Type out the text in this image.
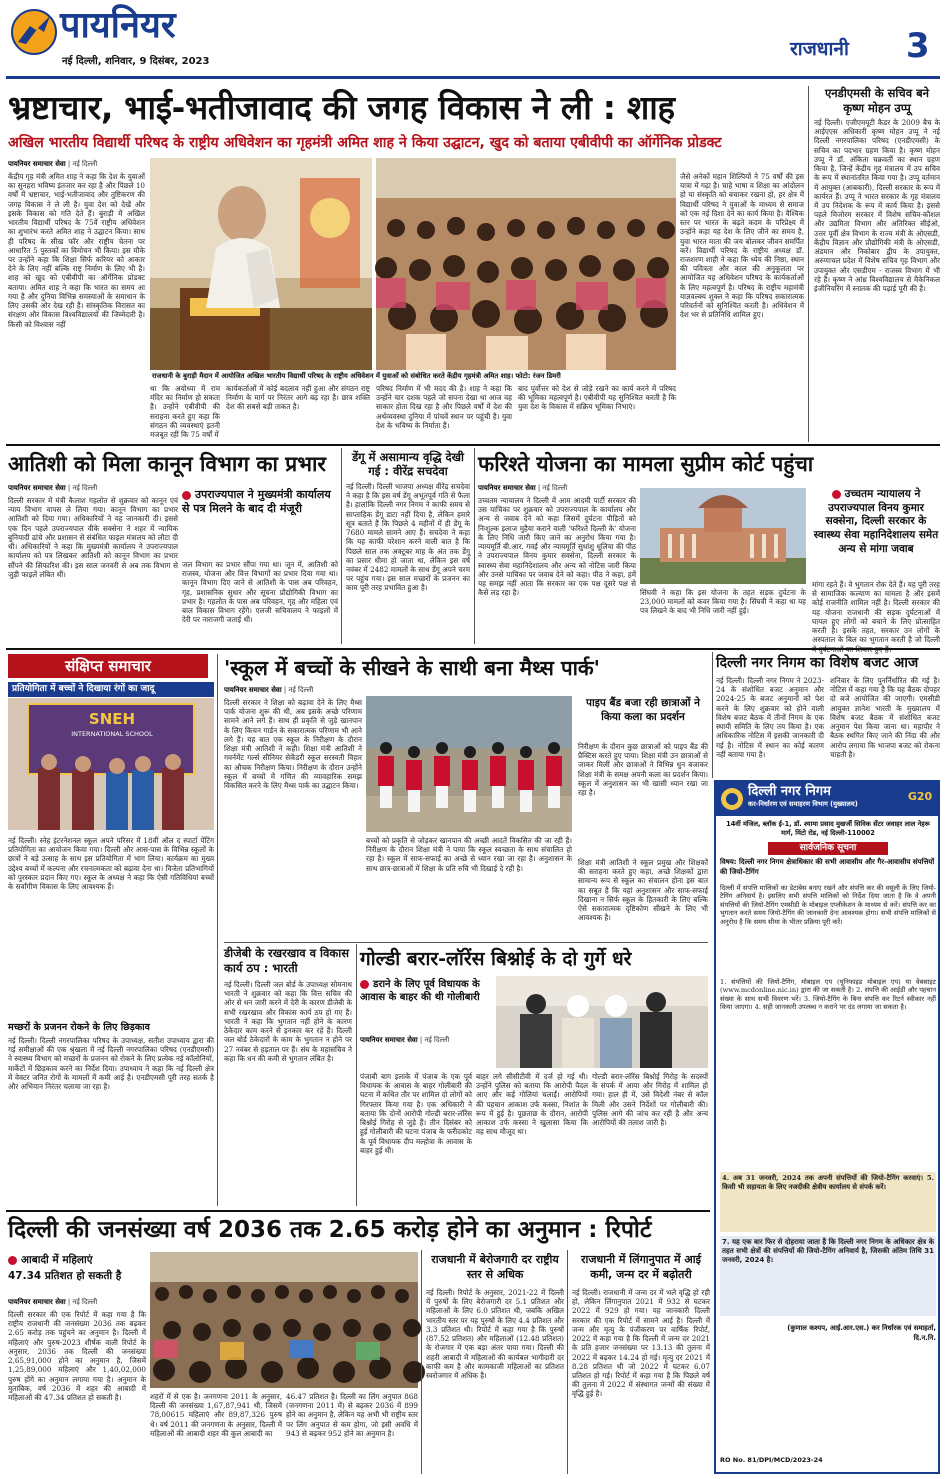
पायनियर
नई दिल्ली, शनिवार, 9 दिसंबर, 2023
राजधानी 3
भ्रष्टाचार, भाई-भतीजावाद की जगह विकास ने ली : शाह
अखिल भारतीय विद्यार्थी परिषद के राष्ट्रीय अधिवेशन का गृहमंत्री अमित शाह ने किया उद्घाटन, खुद को बताया एबीवीपी का ऑर्गेनिक प्रोडक्ट
पायनियर समाचार सेवा | नई दिल्ली
केंद्रीय गृह मंत्री अमित शाह ने कहा कि देश के युवाओं का सुनहरा भविष्य इंतजार कर रहा है और पिछले 10 वर्षों में भ्रष्टाचार, भाई-भतीजावाद और तुष्टिकरण की जगह विकास ने ले ली है। युवा देश को देखें और इसके विकास को गति देते हैं। बुराड़ी में अखिल भारतीय विद्यार्थी परिषद के 75वें राष्ट्रीय अधिवेशन का शुभारंभ करते अमित शाह ने उद्घाटन किया। साथ ही परिषद के सीख फॉर और राष्ट्रीय चेतना पर आधारित 5 पुस्तकों का विमोचन भी किया। इस मौके पर उन्होंने कहा कि शिक्षा सिर्फ करियर को आकार देने के लिए नहीं बल्कि राष्ट्र निर्माण के लिए भी है। शाह को खुद को एबीवीपी का ऑर्गेनिक प्रोडक्ट बताया। अमित शाह ने कहा कि भारत का समय आ गया है और दुनिया विभिन्न समस्याओं के समाधान के लिए उसकी ओर देख रही है। सांस्कृतिक विरासत का संरक्षण और विकास विश्वविद्यालयों की जिम्मेदारी है। किसी को विश्वास नहीं
राजधानी के बुराड़ी मैदान में आयोजित अखिल भारतीय विद्यार्थी परिषद के राष्ट्रीय अधिवेशन में युवाओं को संबोधित करते केंद्रीय गृहमंत्री अमित शाह। फोटो: रंजन डिमरी
था कि अयोध्या में राम मंदिर का निर्माण हो सकता है। उन्होंने एबीवीपी की सराहना करते हुए कहा कि संगठन की व्यवस्थाएं इतनी मजबूत रहीं कि 75 वर्षों में
कार्यकर्ताओं में कोई बदलाव नहीं हुआ और संगठन राष्ट्र निर्माण के मार्ग पर निरंतर आगे बढ़ रहा है। छात्र शक्ति देश की सबसे बड़ी ताकत है।
परिषद निर्माण में भी मदद की है। शाह ने कहा कि उन्होंने चार दशक पहले जो सपना देखा था आज वह साकार होता दिख रहा है और पिछले वर्षों में देश की अर्थव्यवस्था दुनिया में पांचवें स्थान पर पहुंची है। युवा देश के भविष्य के निर्माता हैं।
जैसे अनेकों महान शिल्पियों ने 75 वर्षों की इस यात्रा में गढ़ा है। चाहे भाषा व शिक्षा का आंदोलन हो या संस्कृति को बचाकर रखना हो, हर क्षेत्र में विद्यार्थी परिषद ने युवाओं के माध्यम से समाज को एक नई दिशा देने का कार्य किया है। वैश्विक स्तर पर भारत के बढ़ते कदम के परिप्रेक्ष्य में उन्होंने कहा यह देश के लिए जीने का समय है, युवा भारत माता की जय बोलकर जीवन समर्पित करें। विद्यार्थी परिषद के राष्ट्रीय अध्यक्ष डॉ. राजशरण शाही ने कहा कि ध्येय की निष्ठा, स्थान की पवित्रता और काल की अनुकूलता पर आयोजित यह अधिवेशन परिषद के कार्यकर्ताओं के लिए महत्वपूर्ण है। परिषद के राष्ट्रीय महामंत्री याज्ञवल्क्य शुक्ल ने कहा कि परिषद सकारात्मक परिवर्तनों को सुनिश्चित करती है। अधिवेशन में देश भर से प्रतिनिधि शामिल हुए।
बाद पूर्वोत्तर को देश से जोड़े रखने का कार्य करने में परिषद की भूमिका महत्वपूर्ण है। एबीवीपी यह सुनिश्चित करती है कि युवा देश के विकास में सक्रिय भूमिका निभाएं।
एनडीएमसी के सचिव बने कृष्ण मोहन उप्पू
नई दिल्ली। एजीएमयूटी कैडर के 2009 बैच के आईएएस अधिकारी कृष्ण मोहन उप्पू ने नई दिल्ली नगरपालिका परिषद (एनडीएमसी) के सचिव का पदभार ग्रहण किया है। कृष्ण मोहन उप्पू ने डॉ. अंकिता चक्रवर्ती का स्थान ग्रहण किया है, जिन्हें केंद्रीय गृह मंत्रालय में उप सचिव के रूप में स्थानांतरित किया गया है। उप्पू वर्तमान में आयुक्त (आबकारी), दिल्ली सरकार के रूप में कार्यरत हैं। उप्पू ने भारत सरकार के गृह मंत्रालय में उप निदेशक के रूप में कार्य किया है। इससे पहले मिजोरम सरकार में विशेष सचिव-कौशल और उद्यमिता विभाग और अतिरिक्त सीईओ, उत्तर पूर्वी क्षेत्र विभाग के राज्य मंत्री के ओएसडी, केंद्रीय विज्ञान और प्रौद्योगिकी मंत्री के ओएसडी, अंडमान और निकोबार द्वीप के उपायुक्त, अरुणाचल प्रदेश में विशेष सचिव गृह विभाग और उपायुक्त और एसडीएम - राजस्व विभाग में भी रहे हैं। कृष्ण ने आंध्र विश्वविद्यालय से मैकेनिकल इंजीनियरिंग में स्नातक की पढ़ाई पूरी की है।
आतिशी को मिला कानून विभाग का प्रभार
पायनियर समाचार सेवा | नई दिल्ली
दिल्ली सरकार में मंत्री कैलाश गहलोत से शुक्रवार को कानून एवं न्याय विभाग वापस ले लिया गया। कानून विभाग का प्रभार आतिशी को दिया गया। अधिकारियों ने यह जानकारी दी। इससे एक दिन पहले उपराज्यपाल वीके सक्सेना ने शहर में न्यायिक बुनियादी ढांचे और प्रशासन से संबंधित फाइल मंत्रालय को लौटा दी थी। अधिकारियों ने कहा कि मुख्यमंत्री कार्यालय ने उपराज्यपाल कार्यालय को पत्र लिखकर आतिशी को कानून विभाग का प्रभार सौंपने की सिफारिश की। इस साल जनवरी से अब तक विभाग से जुड़ी फाइलें लंबित थीं।
उपराज्यपाल ने मुख्यमंत्री कार्यालय से पत्र मिलने के बाद दी मंजूरी
जल विभाग का प्रभार सौंपा गया था। जून में, आतिशी को राजस्व, योजना और वित्त विभागों का प्रभार दिया गया था। कानून विभाग दिए जाने से आतिशी के पास अब परिवहन, गृह, प्रशासनिक सुधार और सूचना प्रौद्योगिकी विभाग का प्रभार है। गहलोत के पास अब परिवहन, गृह और महिला एवं बाल विकास विभाग रहेंगे। एलजी सचिवालय ने फाइलों में देरी पर नाराजगी जताई थी।
डेंगू में असामान्य वृद्धि देखी गई : वीरेंद्र सचदेवा
नई दिल्ली। दिल्ली भाजपा अध्यक्ष वीरेंद्र सचदेवा ने कहा है कि इस वर्ष डेंगू अभूतपूर्व गति से फैला है। हालांकि दिल्ली नगर निगम ने काफी समय से साप्ताहिक डेंगू डाटा नहीं दिया है, लेकिन हमारे सूत्र बताते हैं कि पिछले 4 महीनों में ही डेंगू के 7680 मामले सामने आए हैं। सचदेवा ने कहा कि यह काफी परेशान करने वाली बात है कि पिछले साल तक अक्टूबर माह के अंत तक डेंगू का प्रसार धीमा हो जाता था, लेकिन इस वर्ष नवंबर में 2482 मामलों के साथ डेंगू अपने चरम पर पहुंच गया। इस साल मच्छरों के प्रजनन का काम पूरी तरह प्रभावित हुआ है।
फरिश्ते योजना का मामला सुप्रीम कोर्ट पहुंचा
पायनियर समाचार सेवा | नई दिल्ली
उच्चतम न्यायालय ने दिल्ली में आम आदमी पार्टी सरकार की उस याचिका पर शुक्रवार को उपराज्यपाल के कार्यालय और अन्य से जवाब देने को कहा जिसमें दुर्घटना पीड़ितों को निःशुल्क इलाज मुहैया कराने वाली 'फरिश्ते दिल्ली के' योजना के लिए निधि जारी किए जाने का अनुरोध किया गया है। न्यायमूर्ति बी.आर. गवई और न्यायमूर्ति सुधांशु धूलिया की पीठ ने उपराज्यपाल विनय कुमार सक्सेना, दिल्ली सरकार के स्वास्थ्य सेवा महानिदेशालय और अन्य को नोटिस जारी किया और उनसे याचिका पर जवाब देने को कहा। पीठ ने कहा, हमें यह समझ नहीं आता कि सरकार का एक पक्ष दूसरे पक्ष से कैसे लड़ रहा है।	सिंघवी ने कहा कि इस योजना के तहत सड़क दुर्घटना के 23,000 मामलों को कवर किया गया है। सिंघवी ने कहा था यह पत्र लिखने के बाद भी निधि जारी नहीं हुई।
उच्चतम न्यायालय ने उपराज्यपाल विनय कुमार सक्सेना, दिल्ली सरकार के स्वास्थ्य सेवा महानिदेशालय समेत अन्य से मांगा जवाब
मांगा रहते हैं। वे भुगतान रोक देते हैं। यह पूरी तरह से सामाजिक कल्याण का मामला है और इसमें कोई राजनीति शामिल नहीं है। दिल्ली सरकार की यह योजना राजधानी की सड़क दुर्घटनाओं में घायल हुए लोगों को बचाने के लिए प्रोत्साहित करती है। इसके तहत, सरकार उन लोगों के अस्पताल के बिल का भुगतान करती है जो दिल्ली
संक्षिप्त समाचार
प्रतियोगिता में बच्चों ने दिखाया रंगों का जादू
SNEH
INTERNATIONAL SCHOOL
नई दिल्ली। स्नेह इंटरनेशनल स्कूल अपने परिसर में 18वीं ऑल द स्पार्टा पेंटिंग प्रतियोगिता का आयोजन किया गया। दिल्ली और आस-पास के विभिन्न स्कूलों के छात्रों ने बड़े उत्साह के साथ इस प्रतियोगिता में भाग लिया। कार्यक्रम का मुख्य उद्देश्य बच्चों में कल्पना और रचनात्मकता को बढ़ावा देना था। विजेता प्रतिभागियों को पुरस्कार प्रदान किए गए। स्कूल के अध्यक्ष ने कहा कि ऐसी गतिविधियां बच्चों के सर्वांगीण विकास के लिए आवश्यक हैं।
मच्छरों के प्रजनन रोकने के लिए छिड़काव
नई दिल्ली। दिल्ली नगरपालिका परिषद के उपाध्यक्ष, सतीश उपाध्याय द्वारा की गई समीक्षाओं की एक श्रृंखला में नई दिल्ली नगरपालिका परिषद (एनडीएमसी) ने स्वास्थ्य विभाग को मच्छरों के प्रजनन को रोकने के लिए प्रत्येक नई कॉलोनियों, मार्केटों में छिड़काव करने का निर्देश दिया। उपाध्याय ने कहा कि नई दिल्ली क्षेत्र में वेक्टर जनित रोगों के मामलों में कमी आई है। एनडीएमसी पूरी तरह सतर्क है और अभियान निरंतर चलाया जा रहा है।
'स्कूल में बच्चों के सीखने के साथी बना मैथ्स पार्क'
पायनियर समाचार सेवा | नई दिल्ली
दिल्ली सरकार ने शिक्षा को बढ़ावा देने के लिए मैथ्स पार्क योजना शुरू की थी, अब इसके अच्छे परिणाम सामने आने लगे हैं। साथ ही प्रकृति से जुड़े खानपान के लिए किचन गार्डन के सकारात्मक परिणाम भी आने लगे हैं। यह बात एक स्कूल के निरीक्षण के दौरान शिक्षा मंत्री आतिशी ने कही। शिक्षा मंत्री आतिशी ने गवर्नमेंट गर्ल्स सीनियर सेकेंडरी स्कूल सरस्वती विहार का औचक निरीक्षण किया। निरीक्षण के दौरान उन्होंने स्कूल में बच्चों में गणित की व्यावहारिक समझ विकसित करने के लिए मैथ्स पार्क का उद्घाटन किया।
बच्चों को प्रकृति से जोड़कर खानपान की अच्छी आदतें विकसित की जा रही हैं। निरीक्षण के दौरान शिक्षा मंत्री ने पाया कि स्कूल स्वच्छता के साथ संचालित हो रहा है। स्कूल में साफ-सफाई का अच्छे से ध्यान रखा जा रहा है। अनुशासन के साथ छात्र-छात्राओं में शिक्षा के प्रति रुचि भी दिखाई दे रही है।
पाइप बैंड बजा रही छात्राओं ने किया कला का प्रदर्शन
निरीक्षण के दौरान कुछ छात्राओं को पाइप बैंड की प्रैक्टिस करते हुए पाया। शिक्षा मंत्री उन छात्राओं से जाकर मिलीं और छात्राओं ने विभिन्न धुन बजाकर शिक्षा मंत्री के समक्ष अपनी कला का प्रदर्शन किया। स्कूल में अनुशासन का भी खासी ध्यान रखा जा रहा है।
शिक्षा मंत्री आतिशी ने स्कूल प्रमुख और शिक्षकों की सराहना करते हुए कहा, अच्छे शिक्षकों द्वारा सामान्य रूप से स्कूल का संचालन होना इस बात का सबूत है कि यहां अनुशासन और साफ-सफाई दिखाना न सिर्फ स्कूल के हितकारी के लिए बल्कि ऐसे सकारात्मक दृष्टिकोण सीखने के लिए भी आवश्यक है।
दिल्ली नगर निगम का विशेष बजट आज
नई दिल्ली। दिल्ली नगर निगम ने 2023-24 के संशोधित बजट अनुमान और 2024-25 के बजट अनुमानों को पेश करने के लिए शुक्रवार को होने वाली विशेष बजट बैठक में तीनों निगम के एक स्थायी समिति के लिए तय किया है। एक अधिकारिक नोटिस में इसकी जानकारी दी गई है। नोटिस में स्थान का कोई कारण नहीं बताया गया है।
शनिवार के लिए पुनर्निर्धारित की गई है। नोटिस में कहा गया है कि यह बैठक दोपहर दो बजे आयोजित की जाएगी। एमसीडी आयुक्त ज्ञानेश भारती के मुख्यालय में विशेष बजट बैठक में संशोधित बजट अनुमान पेश किया जाना था। महापौर ने बैठक स्थगित किए जाने की निंदा की और आरोप लगाया कि भाजपा बजट को रोकना चाहती है।
दिल्ली नगर निगम
कर-निर्धारण एवं समाहरण विभाग (मुख्यालय)
G20
14वीं मंजिल, ब्लॉक ई-1, डॉ. श्यामा प्रसाद मुखर्जी सिविक सेंटर जवाहर लाल नेहरू मार्ग, मिंटो रोड, नई दिल्ली-110002
सार्वजनिक सूचना
विषय: दिल्ली नगर निगम क्षेत्राधिकार की सभी आवासीय और गैर-आवासीय संपत्तियों की जियो-टैगिंग
दिल्ली में संपत्ति मालिकों का डेटाबेस बनाए रखने और संपत्ति कर की वसूली के लिए जियो-टैगिंग अनिवार्य है। इसलिए सभी संपत्ति मालिकों को निर्देश दिया जाता है कि वे अपनी संपत्तियों की जियो-टैगिंग एमसीडी के मोबाइल एप्लीकेशन के माध्यम से करें। संपत्ति कर का भुगतान करते समय जियो-टैगिंग की जानकारी देना आवश्यक होगा। सभी संपत्ति मालिकों से अनुरोध है कि समय सीमा के भीतर प्रक्रिया पूरी करें।
1. संपत्तियों की जियो-टैगिंग, मोबाइल एप (यूनिफाइड मोबाइल एप) या वेबसाइट (www.mcdonline.nic.in) द्वारा की जा सकती है। 2. संपत्ति की आईडी और पहचान संख्या के साथ सभी विवरण भरें। 3. जियो-टैगिंग के बिना संपत्ति कर रिटर्न स्वीकार नहीं किया जाएगा। 4. सही जानकारी उपलब्ध न कराने पर दंड लगाया जा सकता है।
4. अब 31 जनवरी, 2024 तक अपनी संपत्तियों की जियो-टैगिंग करवाएं। 5. किसी भी सहायता के लिए नजदीकी क्षेत्रीय कार्यालय से संपर्क करें।
7. यह एक बार फिर से दोहराया जाता है कि दिल्ली नगर निगम के अधिकार क्षेत्र के तहत सभी क्षेत्रों की संपत्तियों की जियो-टैगिंग अनिवार्य है, जिसकी अंतिम तिथि 31 जनवरी, 2024 है।
(कुणाल कश्यप, आई.आर.एस.) कर निर्धारक एवं समाहर्ता, दि.न.नि.
RO No. 81/DPI/MCD/2023-24
डीजेबी के रखरखाव व विकास कार्य ठप : भारती
नई दिल्ली। दिल्ली जल बोर्ड के उपाध्यक्ष सोमनाथ भारती ने शुक्रवार को कहा कि वित्त सचिव की ओर से धन जारी करने में देरी के कारण डीजेबी के सभी रखरखाव और विकास कार्य ठप हो गए हैं। भारती ने कहा कि भुगतान नहीं होने के कारण ठेकेदार काम करने से इनकार कर रहे हैं। दिल्ली जल बोर्ड ठेकेदारों के काम के भुगतान न होने पर 27 नवंबर से हड़ताल पर हैं। संघ के महासचिव ने कहा कि धन की कमी से भुगतान लंबित है।
गोल्डी बरार-लॉरेंस बिश्नोई के दो गुर्गे धरे
डराने के लिए पूर्व विधायक के आवास के बाहर की थी गोलीबारी
पायनियर समाचार सेवा | नई दिल्ली
पंजाबी बाग इलाके में पंजाब के एक पूर्व विधायक के आवास के बाहर गोलीबारी की घटना में कथित तौर पर शामिल दो लोगों को गिरफ्तार किया गया है। एक अधिकारी ने बताया कि दोनों आरोपी गोल्डी बरार-लॉरेंस बिश्नोई गिरोह से जुड़े हैं। तीन दिसंबर को हुई गोलीबारी की घटना पंजाब के फरीदकोट के पूर्व विधायक दीप मल्होत्रा के आवास के बाहर हुई थी।
बाहर लगे सीसीटीवी में दर्ज हो गई थी। उन्होंने पुलिस को बताया कि आरोपी पैदल आए और कई गोलियां चलाईं। आरोपियों की पहचान आकाश उर्फ कस्सा, निशांत के रूप में हुई है। पूछताछ के दौरान, आरोपी आकाश उर्फ कस्सा ने खुलासा किया कि वह साथ मौजूद था।
गोल्डी बरार-लॉरेंस बिश्नोई गिरोह के सदस्यों के संपर्क में आया और गिरोह में शामिल हो गया। हाल ही में, उसे विदेशी नंबर से कॉल मिली और उसने निर्देशों पर गोलीबारी की। पुलिस आगे की जांच कर रही है और अन्य आरोपियों की तलाश जारी है।
दिल्ली की जनसंख्या वर्ष 2036 तक 2.65 करोड़ होने का अनुमान : रिपोर्ट
आबादी में महिलाएं
47.34 प्रतिशत हो सकती है
पायनियर समाचार सेवा | नई दिल्ली
दिल्ली सरकार की एक रिपोर्ट में कहा गया है कि राष्ट्रीय राजधानी की जनसंख्या 2036 तक बढ़कर 2.65 करोड़ तक पहुंचने का अनुमान है। दिल्ली में महिलाएं और पुरुष-2023 शीर्षक वाली रिपोर्ट के अनुसार, 2036 तक दिल्ली की जनसंख्या 2,65,91,000 होने का अनुमान है, जिसमें 1,25,89,000 महिलाएं और 1,40,02,000 पुरुष होंगे का अनुमान लगाया गया है। अनुमान के मुताबिक, वर्ष 2036 में शहर की आबादी में महिलाओं की 47.34 प्रतिशत हो सकती है।	शहरों में से एक है। जनगणना 2011 के अनुसार, दिल्ली की जनसंख्या 1,67,87,941 थी, जिसमें 78,00615 महिलाएं और 89,87,326 पुरुष थे। वर्ष 2011 की जनगणना के अनुसार, दिल्ली में महिलाओं की आबादी शहर की कुल आबादी का
46.47 प्रतिशत है। दिल्ली का लिंग अनुपात 868 (जनगणना 2011 में) से बढ़कर 2036 में 899 होने का अनुमान है, लेकिन यह अभी भी राष्ट्रीय स्तर पर लिंग अनुपात से कम होगा, जो इसी अवधि में 943 से बढ़कर 952 होने का अनुमान है।
राजधानी में बेरोजगारी दर राष्ट्रीय स्तर से अधिक
नई दिल्ली। रिपोर्ट के अनुसार, 2021-22 में दिल्ली में पुरुषों के लिए बेरोजगारी दर 5.1 प्रतिशत और महिलाओं के लिए 6.0 प्रतिशत थी, जबकि अखिल भारतीय स्तर पर यह पुरुषों के लिए 4.4 प्रतिशत और 3.3 प्रतिशत थी। रिपोर्ट में कहा गया है कि पुरुषों (87.52 प्रतिशत) और महिलाओं (12.48 प्रतिशत) के रोजगार में एक बड़ा अंतर पाया गया। दिल्ली की शहरी आबादी में महिलाओं की कार्यबल भागीदारी दर काफी कम है और कामकाजी महिलाओं का प्रतिशत स्वरोजगार में अधिक है।
राजधानी में लिंगानुपात में आई कमी, जन्म दर में बढ़ोतरी
नई दिल्ली। राजधानी में जन्म दर में भले वृद्धि हो रही हो, लेकिन लिंगानुपात 2021 में 932 से घटकर 2022 में 929 हो गया। यह जानकारी दिल्ली सरकार की एक रिपोर्ट में सामने आई है। दिल्ली में जन्म और मृत्यु के पंजीकरण पर वार्षिक रिपोर्ट, 2022 में कहा गया है कि दिल्ली में जन्म दर 2021 के प्रति हजार जनसंख्या पर 13.13 की तुलना में 2022 में बढ़कर 14.24 हो गई। मृत्यु दर 2021 में 8.28 प्रतिशत थी जो 2022 में घटकर 6.07 प्रतिशत हो गई। रिपोर्ट में कहा गया है कि पिछले वर्ष की तुलना में 2022 में संस्थागत जन्मों की संख्या में वृद्धि हुई है।
